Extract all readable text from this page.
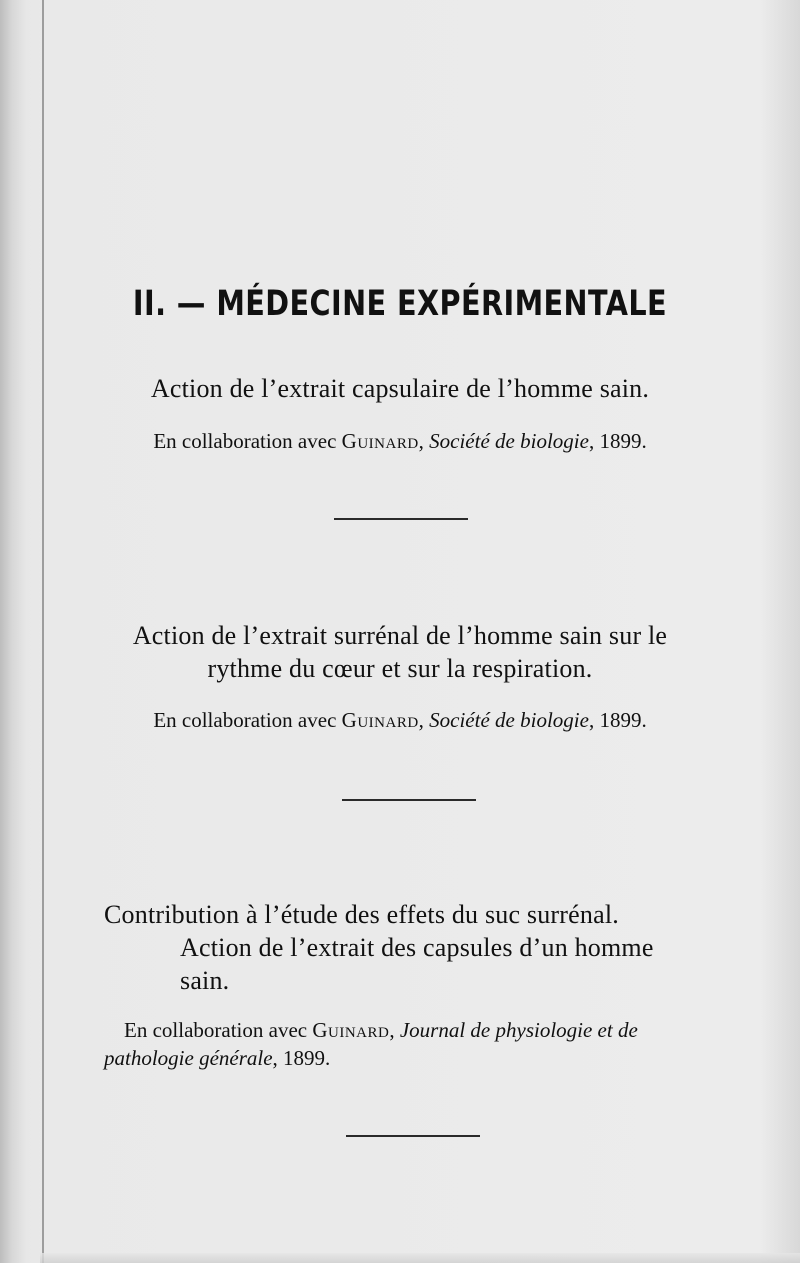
II. — MÉDECINE EXPÉRIMENTALE
Action de l’extrait capsulaire de l’homme sain.
En collaboration avec Guinard, Société de biologie, 1899.
Action de l’extrait surrénal de l’homme sain sur le
rythme du cœur et sur la respiration.
En collaboration avec Guinard, Société de biologie, 1899.
Contribution à l’étude des effets du suc surrénal.
Action de l’extrait des capsules d’un homme
sain.
En collaboration avec Guinard, Journal de physiologie et de
pathologie générale, 1899.
